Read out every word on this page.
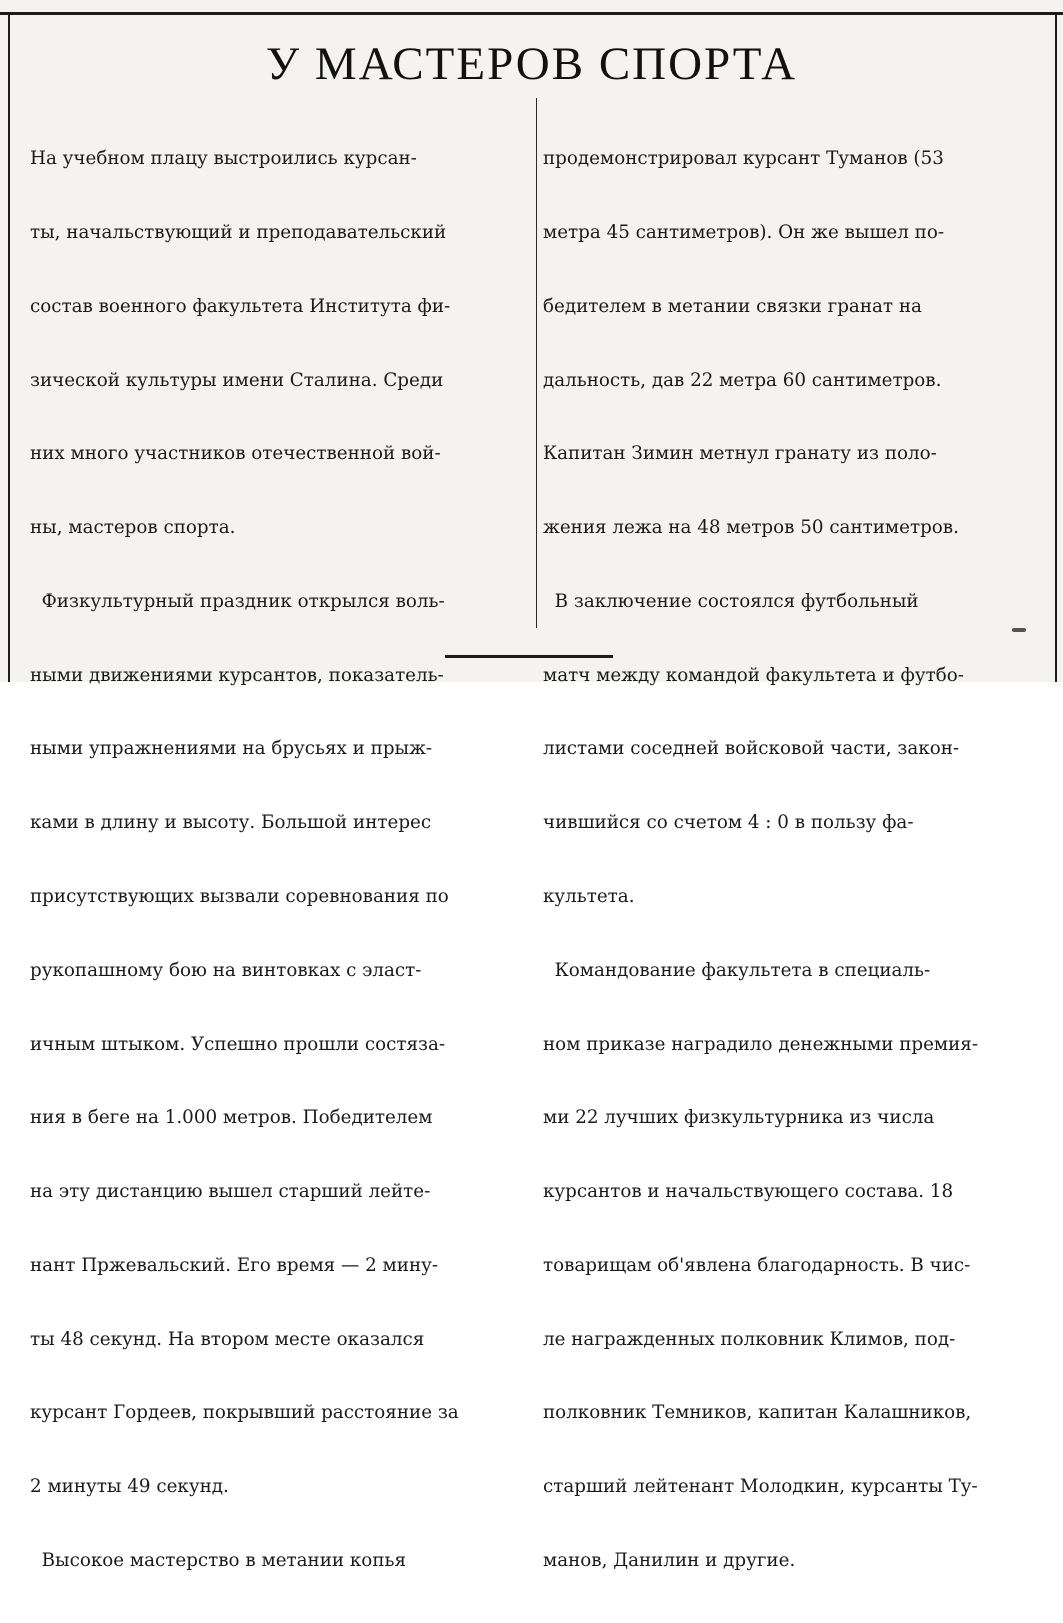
У МАСТЕРОВ СПОРТА

На учебном плацу выстроились курсан-

ты, начальствующий и преподавательский

состав военного факультета Института фи-

зической культуры имени Сталина. Среди

них много участников отечественной вой-

ны, мастеров спорта.

Физкультурный праздник открылся воль-

ными движениями курсантов, показатель-

ными упражнениями на брусьях и прыж-

ками в длину и высоту. Большой интерес

присутствующих вызвали соревнования по

рукопашному бою на винтовках с эласт-

ичным штыком. Успешно прошли состяза-

ния в беге на 1.000 метров. Победителем

на эту дистанцию вышел старший лейте-

нант Пржевальский. Его время — 2 мину-

ты 48 секунд. На втором месте оказался

курсант Гордеев, покрывший расстояние за

2 минуты 49 секунд.

Высокое мастерство в метании копья

продемонстрировал курсант Туманов (53

метра 45 сантиметров). Он же вышел по-

бедителем в метании связки гранат на

дальность, дав 22 метра 60 сантиметров.

Капитан Зимин метнул гранату из поло-

жения лежа на 48 метров 50 сантиметров.

В заключение состоялся футбольный

матч между командой факультета и футбо-

листами соседней войсковой части, закон-

чившийся со счетом 4 : 0 в пользу фа-

культета.

Командование факультета в специаль-

ном приказе наградило денежными премия-

ми 22 лучших физкультурника из числа

курсантов и начальствующего состава. 18

товарищам об'явлена благодарность. В чис-

ле награжденных полковник Климов, под-

полковник Темников, капитан Калашников,

старший лейтенант Молодкин, курсанты Ту-

манов, Данилин и другие.
